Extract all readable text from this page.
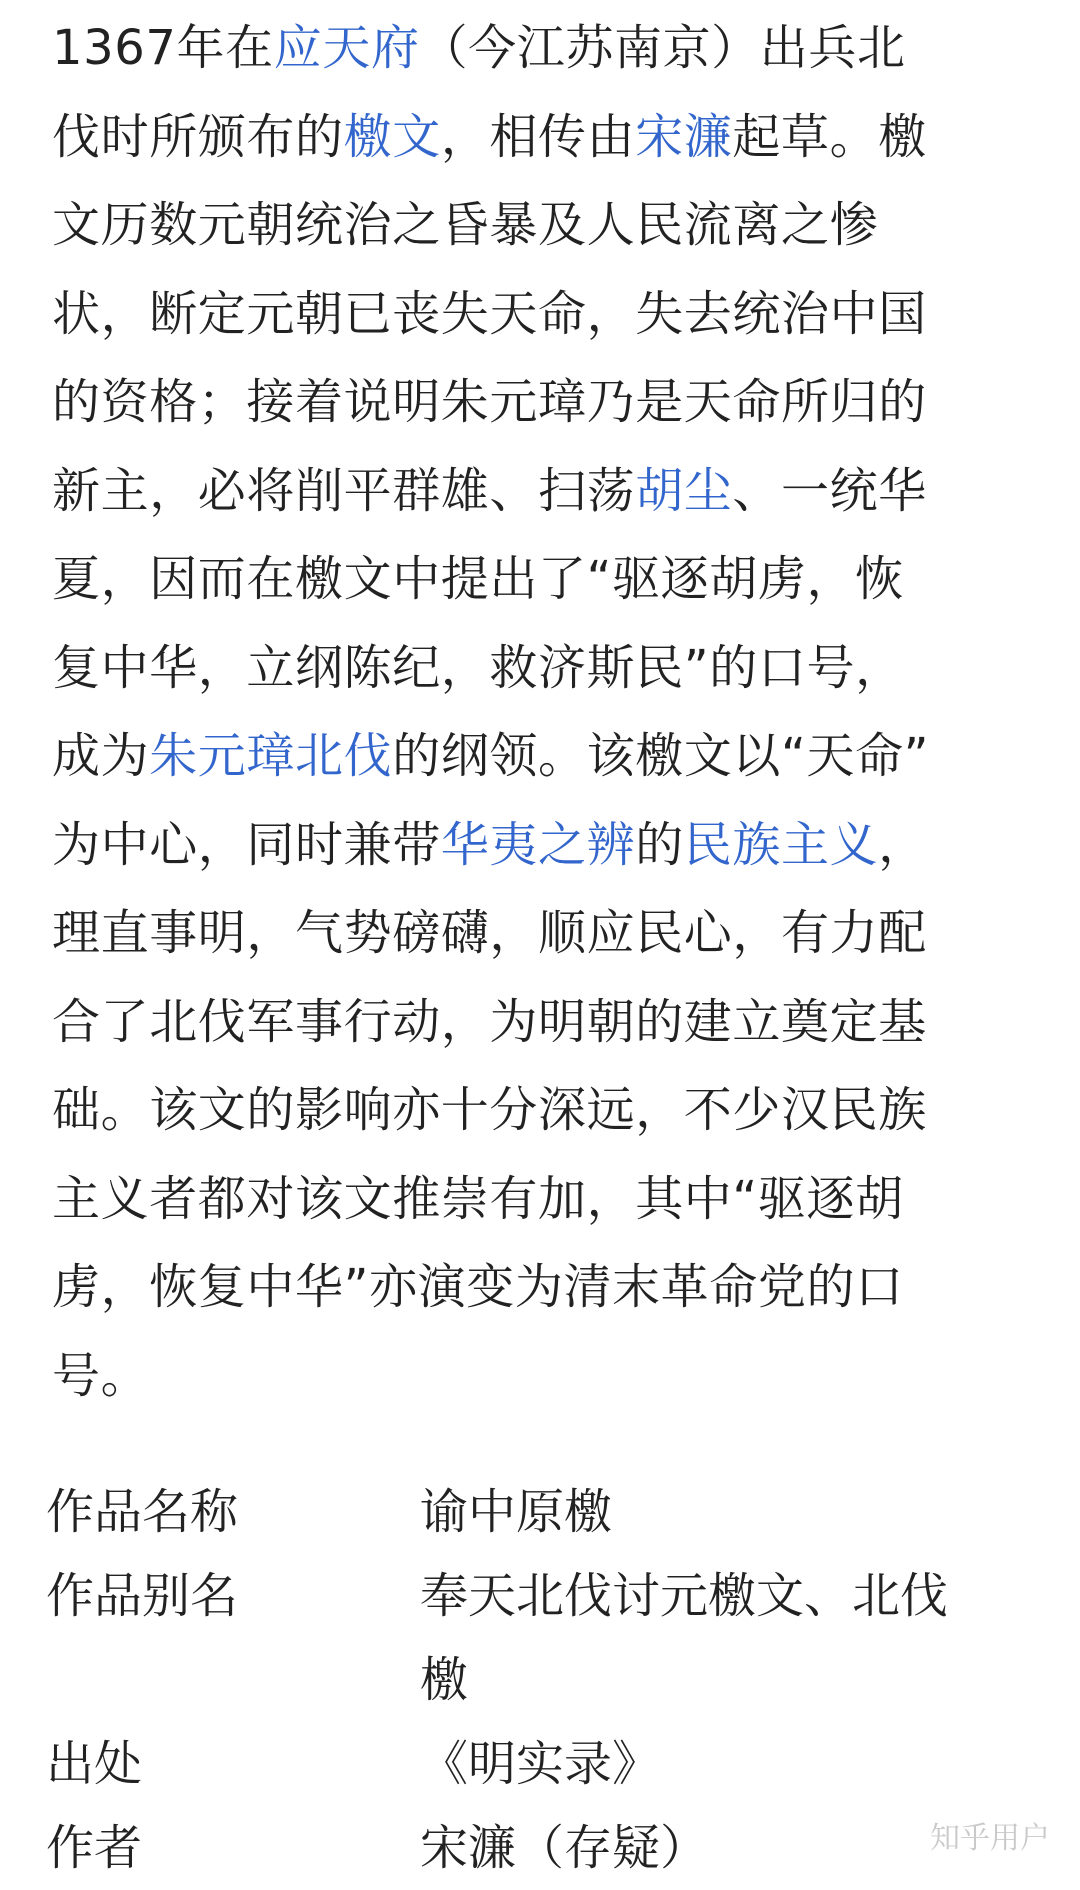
1367年在应天府（今江苏南京）出兵北
伐时所颁布的檄文，相传由宋濂起草。檄
文历数元朝统治之昏暴及人民流离之惨
状，断定元朝已丧失天命，失去统治中国
的资格；接着说明朱元璋乃是天命所归的
新主，必将削平群雄、扫荡胡尘、一统华
夏，因而在檄文中提出了“驱逐胡虏，恢
复中华，立纲陈纪，救济斯民”的口号，
成为朱元璋北伐的纲领。该檄文以“天命”
为中心，同时兼带华夷之辨的民族主义，
理直事明，气势磅礴，顺应民心，有力配
合了北伐军事行动，为明朝的建立奠定基
础。该文的影响亦十分深远，不少汉民族
主义者都对该文推崇有加，其中“驱逐胡
虏，恢复中华”亦演变为清末革命党的口
号。
作品名称	谕中原檄
作品别名	奉天北伐讨元檄文、北伐檄
出处	《明实录》
作者	宋濂（存疑）	知乎用户
